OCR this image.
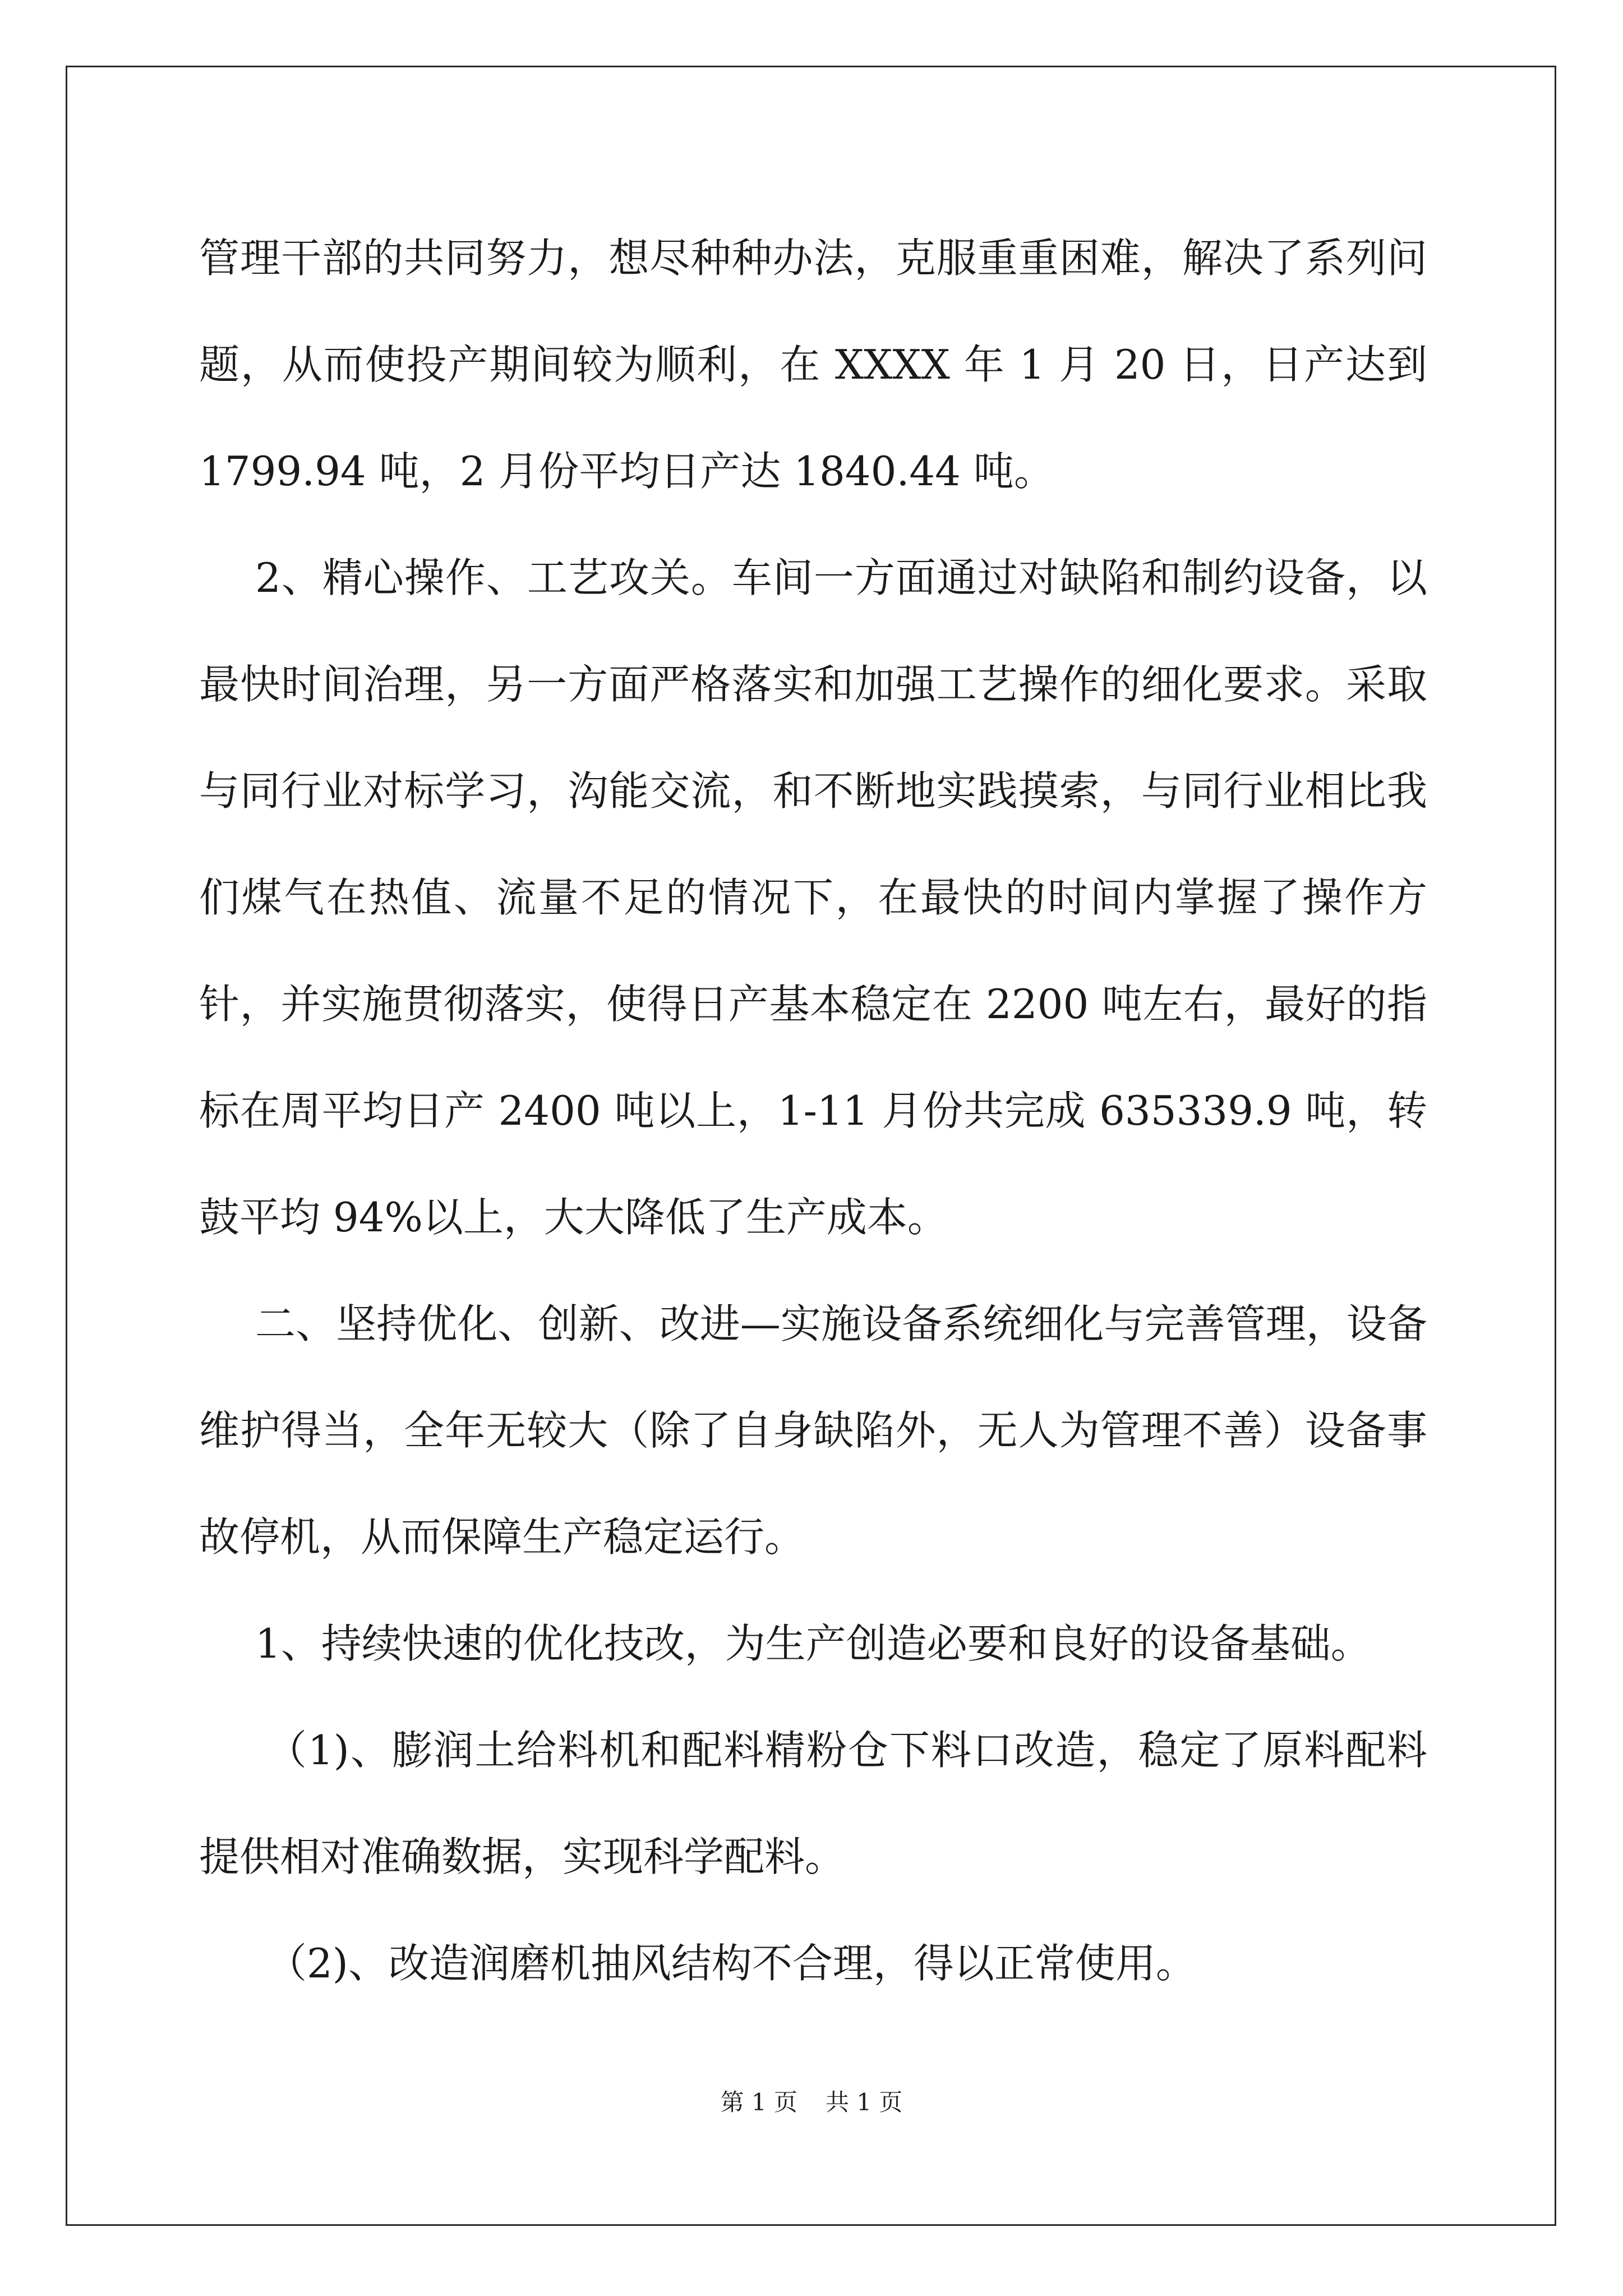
管理干部的共同努力，想尽种种办法，克服重重困难，解决了系列问题，从而使投产期间较为顺利，在 XXXX 年 1 月 20 日，日产达到 1799.94 吨，2 月份平均日产达 1840.44 吨。

2、精心操作、工艺攻关。车间一方面通过对缺陷和制约设备，以最快时间治理，另一方面严格落实和加强工艺操作的细化要求。采取与同行业对标学习，沟能交流，和不断地实践摸索，与同行业相比我们煤气在热值、流量不足的情况下，在最快的时间内掌握了操作方针，并实施贯彻落实，使得日产基本稳定在 2200 吨左右，最好的指标在周平均日产 2400 吨以上，1-11 月份共完成 635339.9 吨，转鼓平均 94%以上，大大降低了生产成本。

二、坚持优化、创新、改进—实施设备系统细化与完善管理，设备维护得当，全年无较大（除了自身缺陷外，无人为管理不善）设备事故停机，从而保障生产稳定运行。

1、持续快速的优化技改，为生产创造必要和良好的设备基础。

（1)、膨润土给料机和配料精粉仓下料口改造，稳定了原料配料提供相对准确数据，实现科学配料。

（2)、改造润磨机抽风结构不合理，得以正常使用。

第 1 页 共 1 页
